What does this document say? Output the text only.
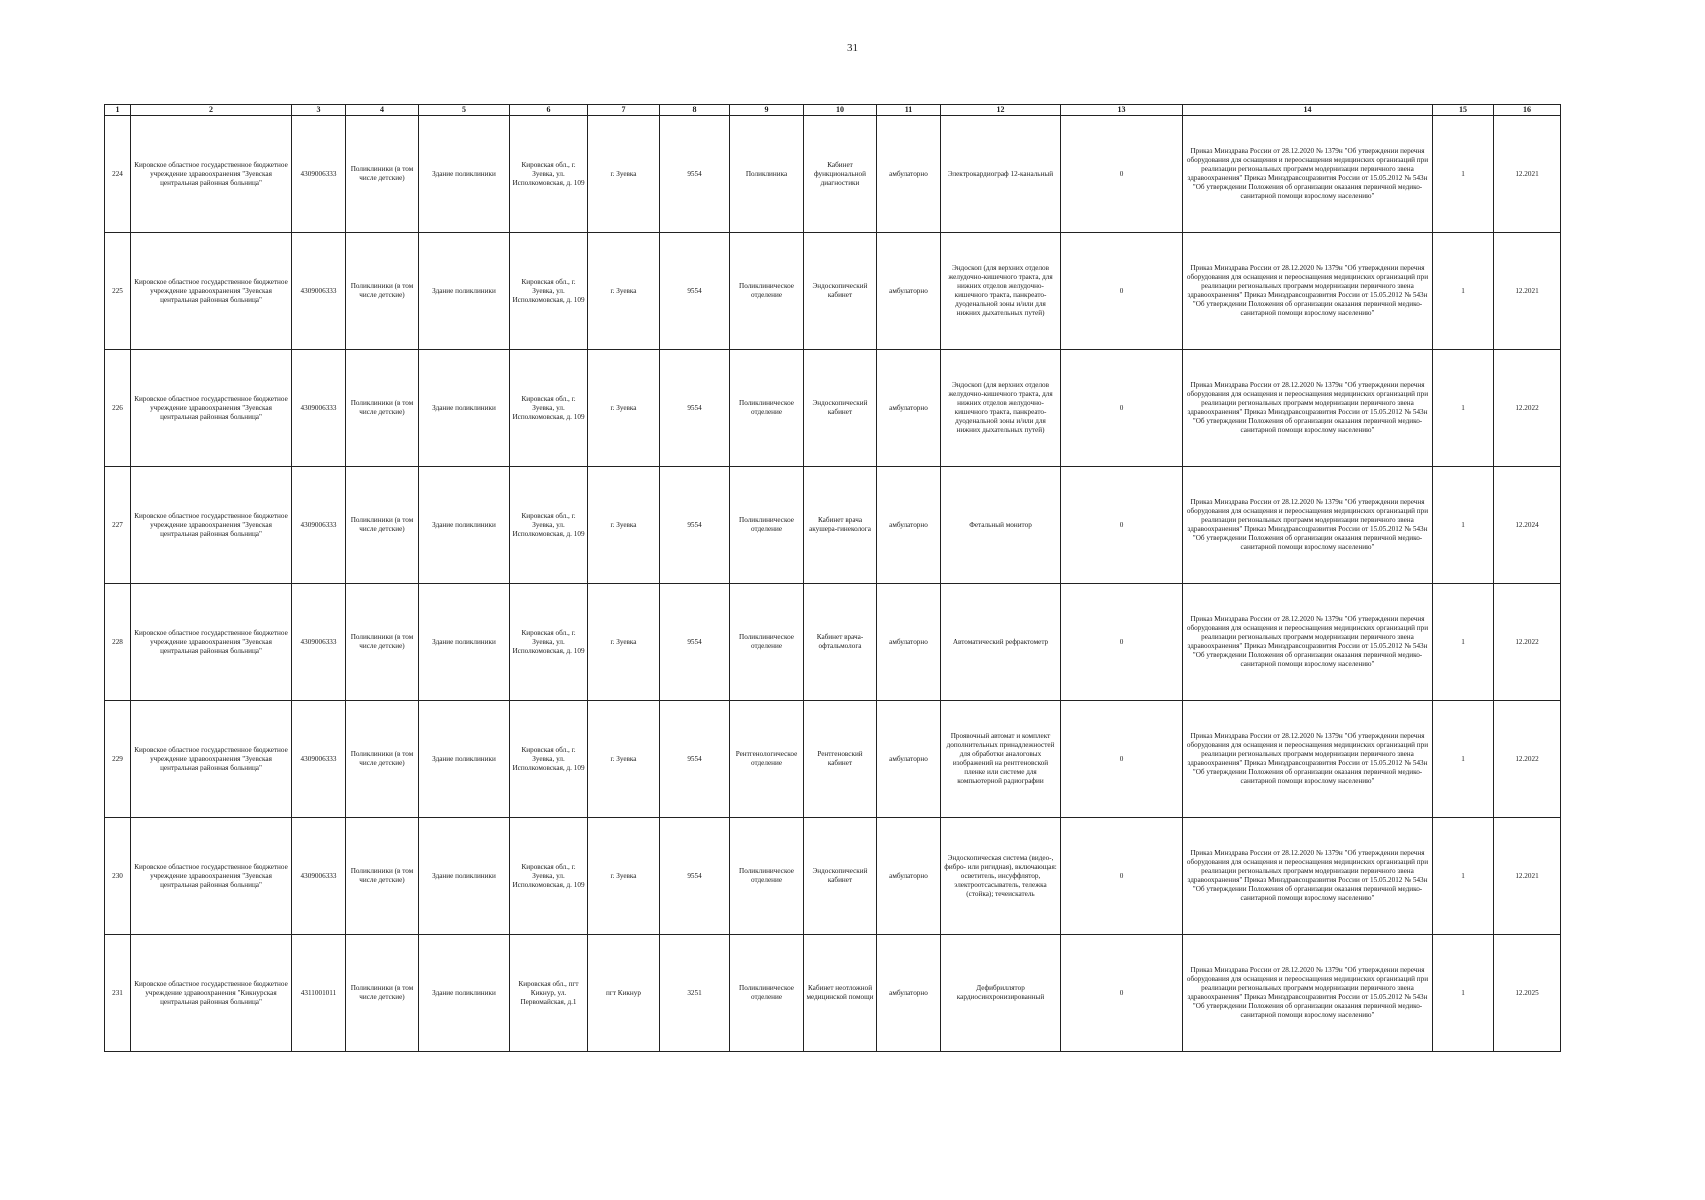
31
1	2	3	4	5	6	7	8	9	10	11	12	13	14	15	16
224	Кировское областное государственное бюджетное учреждение здравоохранения "Зуевская центральная районная больница"	4309006333	Поликлиники (в том числе детские)	Здание поликлиники	Кировская обл., г. Зуевка, ул. Исполкомовская, д. 109	г. Зуевка	9554	Поликлиника	Кабинет функциональной диагностики	амбулаторно	Электрокардиограф 12-канальный	0	Приказ Минздрава России от 28.12.2020 № 1379н "Об утверждении перечня оборудования для оснащения и переоснащения медицинских организаций при реализации региональных программ модернизации первичного звена здравоохранения" Приказ Минздравсоцразвития России от 15.05.2012 № 543н "Об утверждении Положения об организации оказания первичной медико-санитарной помощи взрослому населению"	1	12.2021
225	Кировское областное государственное бюджетное учреждение здравоохранения "Зуевская центральная районная больница"	4309006333	Поликлиники (в том числе детские)	Здание поликлиники	Кировская обл., г. Зуевка, ул. Исполкомовская, д. 109	г. Зуевка	9554	Поликлиническое отделение	Эндоскопический кабинет	амбулаторно	Эндоскоп (для верхних отделов желудочно-кишечного тракта, для нижних отделов желудочно-кишечного тракта, панкреато-дуоденальной зоны и/или для нижних дыхательных путей)	0	Приказ Минздрава России от 28.12.2020 № 1379н "Об утверждении перечня оборудования для оснащения и переоснащения медицинских организаций при реализации региональных программ модернизации первичного звена здравоохранения" Приказ Минздравсоцразвития России от 15.05.2012 № 543н "Об утверждении Положения об организации оказания первичной медико-санитарной помощи взрослому населению"	1	12.2021
226	Кировское областное государственное бюджетное учреждение здравоохранения "Зуевская центральная районная больница"	4309006333	Поликлиники (в том числе детские)	Здание поликлиники	Кировская обл., г. Зуевка, ул. Исполкомовская, д. 109	г. Зуевка	9554	Поликлиническое отделение	Эндоскопический кабинет	амбулаторно	Эндоскоп (для верхних отделов желудочно-кишечного тракта, для нижних отделов желудочно-кишечного тракта, панкреато-дуоденальной зоны и/или для нижних дыхательных путей)	0	Приказ Минздрава России от 28.12.2020 № 1379н "Об утверждении перечня оборудования для оснащения и переоснащения медицинских организаций при реализации региональных программ модернизации первичного звена здравоохранения" Приказ Минздравсоцразвития России от 15.05.2012 № 543н "Об утверждении Положения об организации оказания первичной медико-санитарной помощи взрослому населению"	1	12.2022
227	Кировское областное государственное бюджетное учреждение здравоохранения "Зуевская центральная районная больница"	4309006333	Поликлиники (в том числе детские)	Здание поликлиники	Кировская обл., г. Зуевка, ул. Исполкомовская, д. 109	г. Зуевка	9554	Поликлиническое отделение	Кабинет врача акушера-гинеколога	амбулаторно	Фетальный монитор	0	Приказ Минздрава России от 28.12.2020 № 1379н "Об утверждении перечня оборудования для оснащения и переоснащения медицинских организаций при реализации региональных программ модернизации первичного звена здравоохранения" Приказ Минздравсоцразвития России от 15.05.2012 № 543н "Об утверждении Положения об организации оказания первичной медико-санитарной помощи взрослому населению"	1	12.2024
228	Кировское областное государственное бюджетное учреждение здравоохранения "Зуевская центральная районная больница"	4309006333	Поликлиники (в том числе детские)	Здание поликлиники	Кировская обл., г. Зуевка, ул. Исполкомовская, д. 109	г. Зуевка	9554	Поликлиническое отделение	Кабинет врача-офтальмолога	амбулаторно	Автоматический рефрактометр	0	Приказ Минздрава России от 28.12.2020 № 1379н "Об утверждении перечня оборудования для оснащения и переоснащения медицинских организаций при реализации региональных программ модернизации первичного звена здравоохранения" Приказ Минздравсоцразвития России от 15.05.2012 № 543н "Об утверждении Положения об организации оказания первичной медико-санитарной помощи взрослому населению"	1	12.2022
229	Кировское областное государственное бюджетное учреждение здравоохранения "Зуевская центральная районная больница"	4309006333	Поликлиники (в том числе детские)	Здание поликлиники	Кировская обл., г. Зуевка, ул. Исполкомовская, д. 109	г. Зуевка	9554	Рентгенологическое отделение	Рентгеновский кабинет	амбулаторно	Проявочный автомат и комплект дополнительных принадлежностей для обработки аналоговых изображений на рентгеновской пленке или системе для компьютерной радиографии	0	Приказ Минздрава России от 28.12.2020 № 1379н "Об утверждении перечня оборудования для оснащения и переоснащения медицинских организаций при реализации региональных программ модернизации первичного звена здравоохранения" Приказ Минздравсоцразвития России от 15.05.2012 № 543н "Об утверждении Положения об организации оказания первичной медико-санитарной помощи взрослому населению"	1	12.2022
230	Кировское областное государственное бюджетное учреждение здравоохранения "Зуевская центральная районная больница"	4309006333	Поликлиники (в том числе детские)	Здание поликлиники	Кировская обл., г. Зуевка, ул. Исполкомовская, д. 109	г. Зуевка	9554	Поликлиническое отделение	Эндоскопический кабинет	амбулаторно	Эндоскопическая система (видео-, фибро- или ригидная), включающая: осветитель, инсуффлятор, электроотсасыватель, тележка (стойка); течеискатель	0	Приказ Минздрава России от 28.12.2020 № 1379н "Об утверждении перечня оборудования для оснащения и переоснащения медицинских организаций при реализации региональных программ модернизации первичного звена здравоохранения" Приказ Минздравсоцразвития России от 15.05.2012 № 543н "Об утверждении Положения об организации оказания первичной медико-санитарной помощи взрослому населению"	1	12.2021
231	Кировское областное государственное бюджетное учреждение здравоохранения "Кикнурская центральная районная больница"	4311001011	Поликлиники (в том числе детские)	Здание поликлиники	Кировская обл., пгт Кикнур, ул. Первомайская, д.1	пгт Кикнур	3251	Поликлиническое отделение	Кабинет неотложной медицинской помощи	амбулаторно	Дефибриллятор кардиосинхронизированный	0	Приказ Минздрава России от 28.12.2020 № 1379н "Об утверждении перечня оборудования для оснащения и переоснащения медицинских организаций при реализации региональных программ модернизации первичного звена здравоохранения" Приказ Минздравсоцразвития России от 15.05.2012 № 543н "Об утверждении Положения об организации оказания первичной медико-санитарной помощи взрослому населению"	1	12.2025
